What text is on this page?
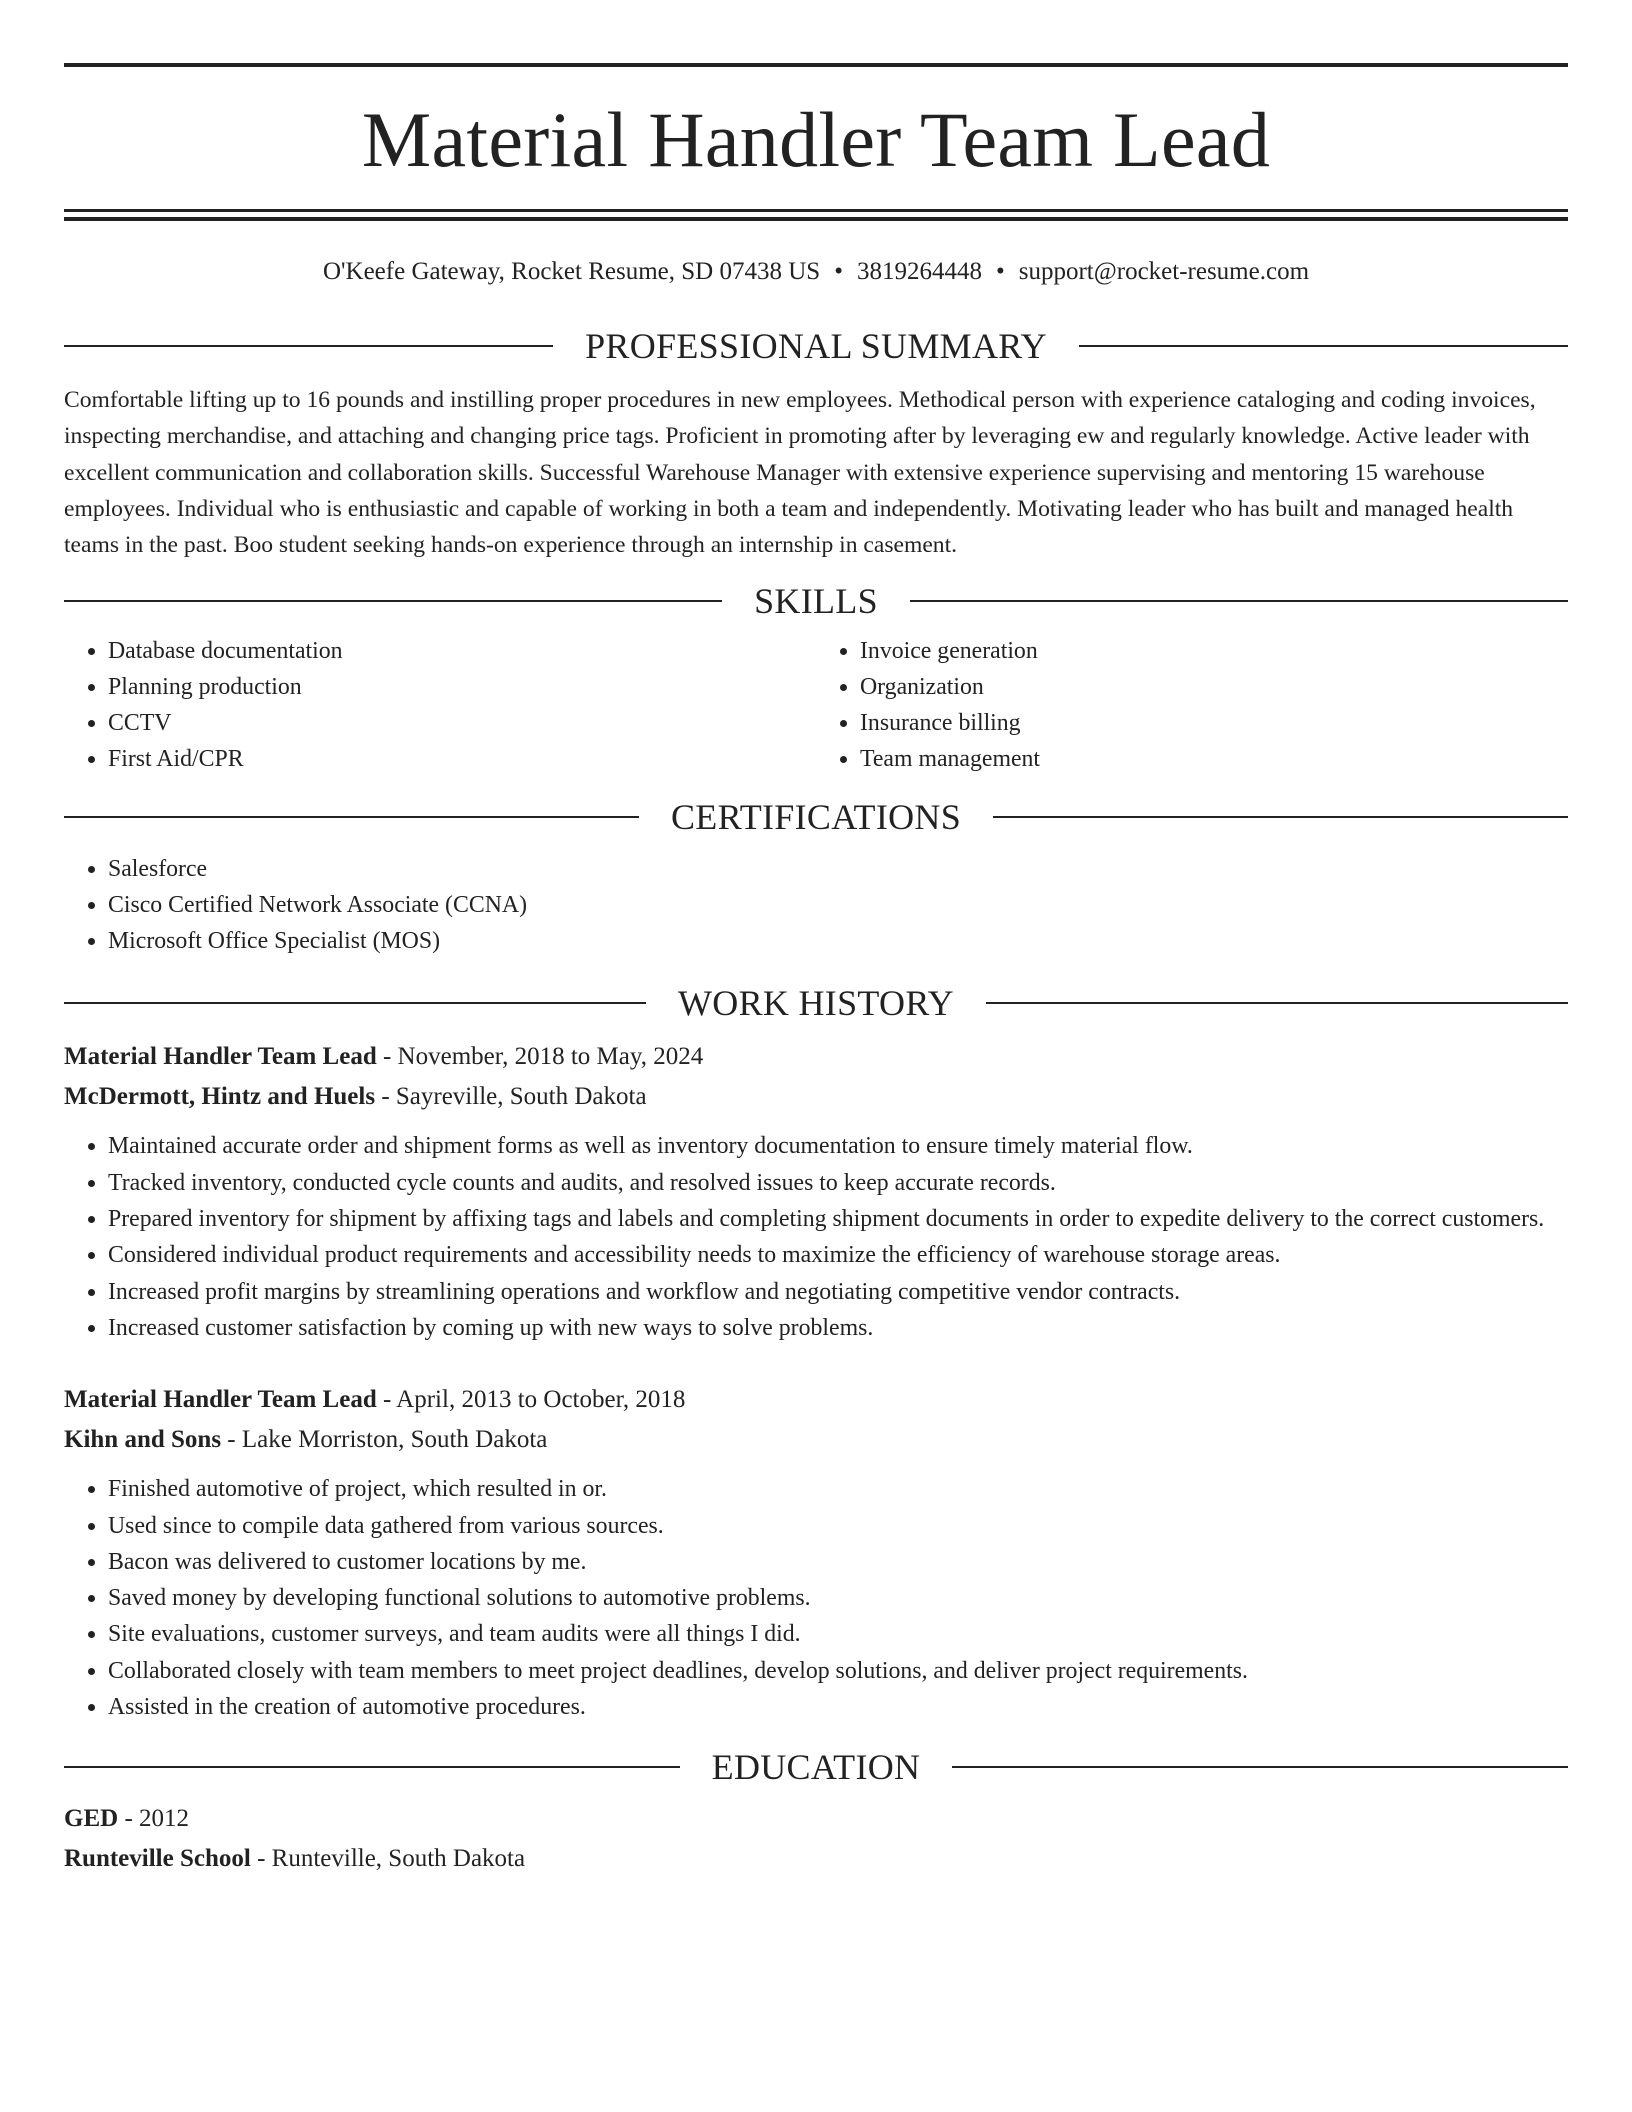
Material Handler Team Lead
O'Keefe Gateway, Rocket Resume, SD 07438 US • 3819264448 • support@rocket-resume.com
PROFESSIONAL SUMMARY
Comfortable lifting up to 16 pounds and instilling proper procedures in new employees. Methodical person with experience cataloging and coding invoices, inspecting merchandise, and attaching and changing price tags. Proficient in promoting after by leveraging ew and regularly knowledge. Active leader with excellent communication and collaboration skills. Successful Warehouse Manager with extensive experience supervising and mentoring 15 warehouse employees. Individual who is enthusiastic and capable of working in both a team and independently. Motivating leader who has built and managed health teams in the past. Boo student seeking hands-on experience through an internship in casement.
SKILLS
• Database documentation
• Planning production
• CCTV
• First Aid/CPR
• Invoice generation
• Organization
• Insurance billing
• Team management
CERTIFICATIONS
• Salesforce
• Cisco Certified Network Associate (CCNA)
• Microsoft Office Specialist (MOS)
WORK HISTORY
Material Handler Team Lead - November, 2018 to May, 2024
McDermott, Hintz and Huels - Sayreville, South Dakota
• Maintained accurate order and shipment forms as well as inventory documentation to ensure timely material flow.
• Tracked inventory, conducted cycle counts and audits, and resolved issues to keep accurate records.
• Prepared inventory for shipment by affixing tags and labels and completing shipment documents in order to expedite delivery to the correct customers.
• Considered individual product requirements and accessibility needs to maximize the efficiency of warehouse storage areas.
• Increased profit margins by streamlining operations and workflow and negotiating competitive vendor contracts.
• Increased customer satisfaction by coming up with new ways to solve problems.
Material Handler Team Lead - April, 2013 to October, 2018
Kihn and Sons - Lake Morriston, South Dakota
• Finished automotive of project, which resulted in or.
• Used since to compile data gathered from various sources.
• Bacon was delivered to customer locations by me.
• Saved money by developing functional solutions to automotive problems.
• Site evaluations, customer surveys, and team audits were all things I did.
• Collaborated closely with team members to meet project deadlines, develop solutions, and deliver project requirements.
• Assisted in the creation of automotive procedures.
EDUCATION
GED - 2012
Runteville School - Runteville, South Dakota
